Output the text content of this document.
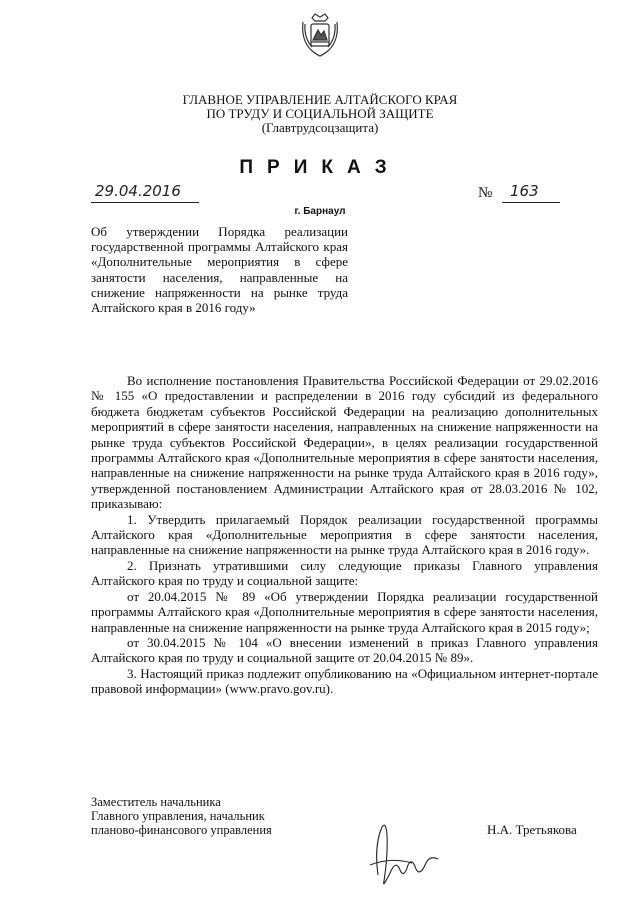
ГЛАВНОЕ УПРАВЛЕНИЕ АЛТАЙСКОГО КРАЯ
ПО ТРУДУ И СОЦИАЛЬНОЙ ЗАЩИТЕ
(Главтрудсоцзащита)
ПРИКАЗ
29.04.2016	№ 163
г. Барнаул
Об утверждении Порядка реализации государственной программы Алтайского края «Дополнительные мероприятия в сфере занятости населения, направленные на снижение напряженности на рынке труда Алтайского края в 2016 году»

Во исполнение постановления Правительства Российской Федерации от 29.02.2016 № 155 «О предоставлении и распределении в 2016 году субсидий из федерального бюджета бюджетам субъектов Российской Федерации на реализацию дополнительных мероприятий в сфере занятости населения, направленных на снижение напряженности на рынке труда субъектов Российской Федерации», в целях реализации государственной программы Алтайского края «Дополнительные мероприятия в сфере занятости населения, направленные на снижение напряженности на рынке труда Алтайского края в 2016 году», утвержденной постановлением Администрации Алтайского края от 28.03.2016 № 102, приказываю:

1. Утвердить прилагаемый Порядок реализации государственной программы Алтайского края «Дополнительные мероприятия в сфере занятости населения, направленные на снижение напряженности на рынке труда Алтайского края в 2016 году».

2. Признать утратившими силу следующие приказы Главного управления Алтайского края по труду и социальной защите:

от 20.04.2015 № 89 «Об утверждении Порядка реализации государственной программы Алтайского края «Дополнительные мероприятия в сфере занятости населения, направленные на снижение напряженности на рынке труда Алтайского края в 2015 году»;

от 30.04.2015 № 104 «О внесении изменений в приказ Главного управления Алтайского края по труду и социальной защите от 20.04.2015 № 89».

3. Настоящий приказ подлежит опубликованию на «Официальном интернет-портале правовой информации» (www.pravo.gov.ru).

Заместитель начальника
Главного управления, начальник
планово-финансового управления	Н.А. Третьякова
